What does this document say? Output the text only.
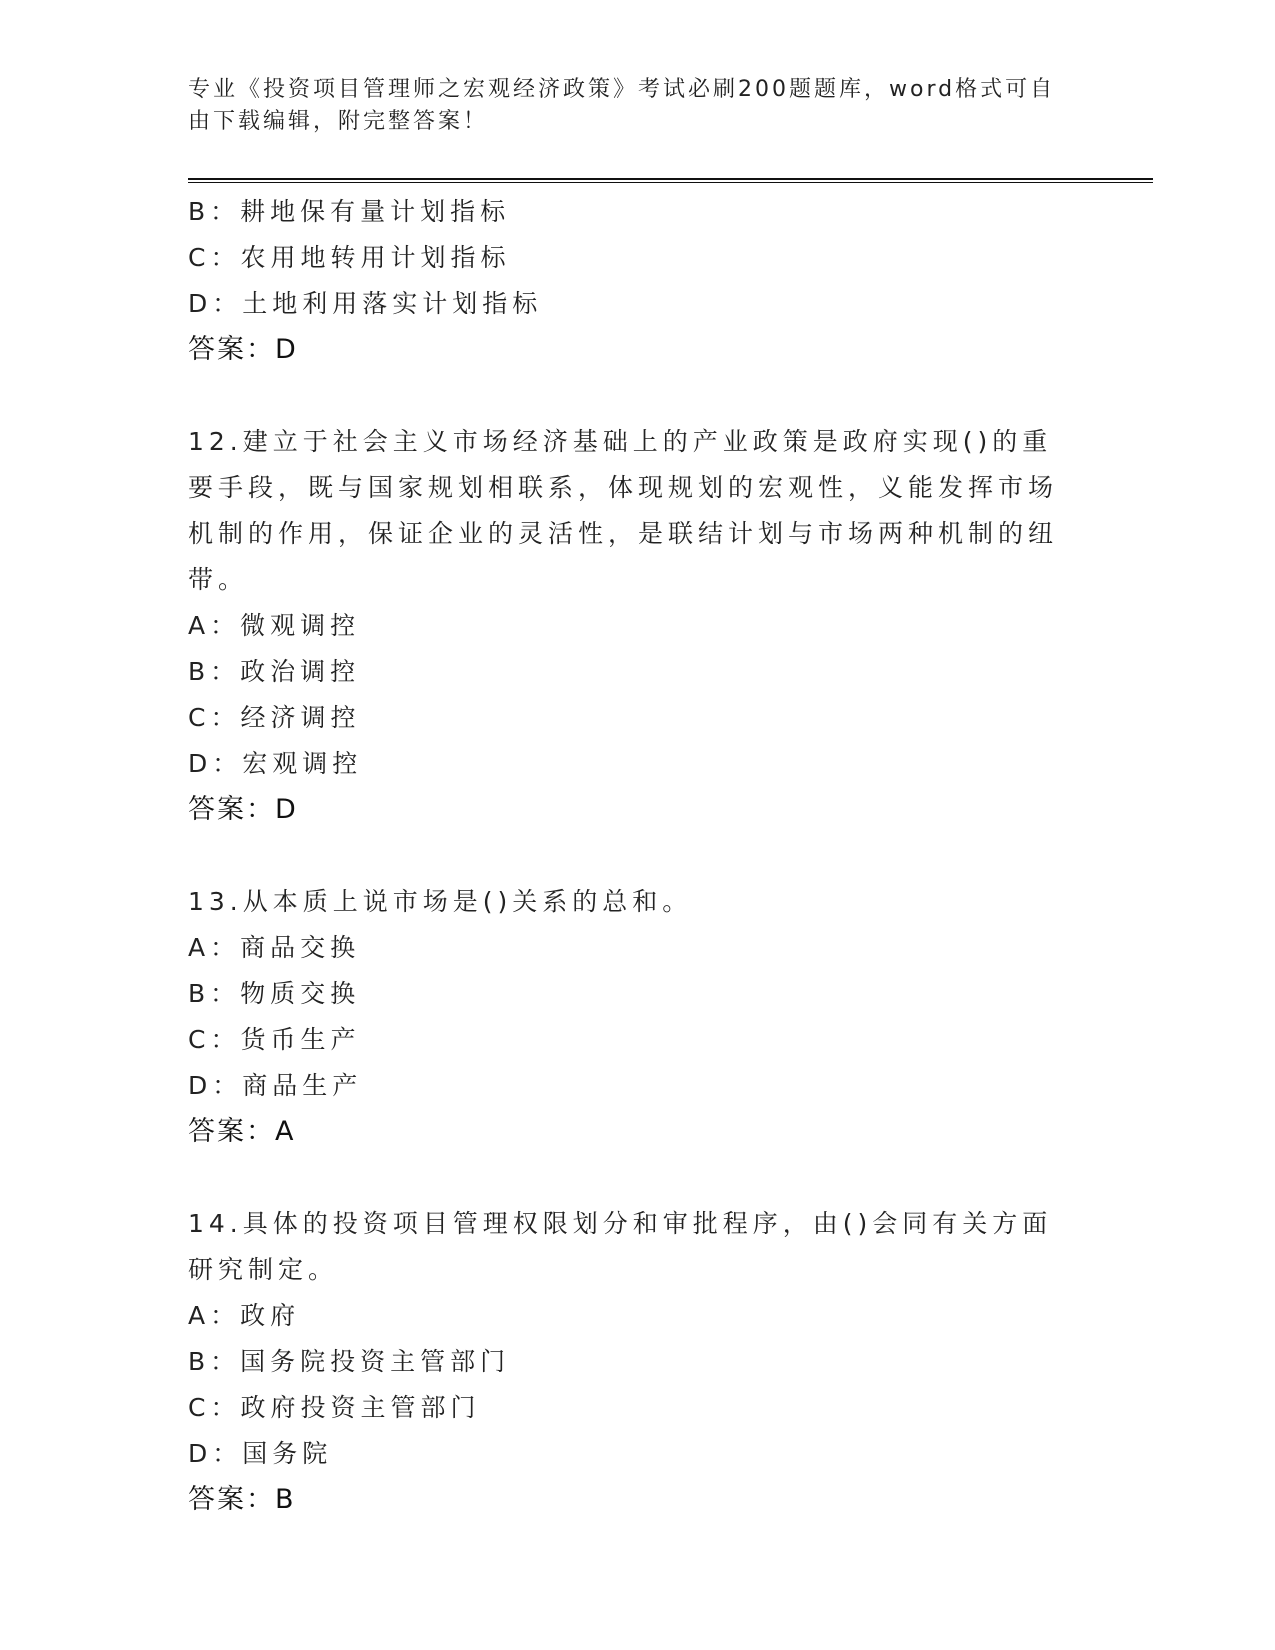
专业《投资项目管理师之宏观经济政策》考试必刷200题题库，word格式可自由下载编辑，附完整答案！
B：耕地保有量计划指标
C：农用地转用计划指标
D：土地利用落实计划指标
答案：D
12.建立于社会主义市场经济基础上的产业政策是政府实现()的重要手段，既与国家规划相联系，体现规划的宏观性，义能发挥市场机制的作用，保证企业的灵活性，是联结计划与市场两种机制的纽带。
A：微观调控
B：政治调控
C：经济调控
D：宏观调控
答案：D
13.从本质上说市场是()关系的总和。
A：商品交换
B：物质交换
C：货币生产
D：商品生产
答案：A
14.具体的投资项目管理权限划分和审批程序，由()会同有关方面研究制定。
A：政府
B：国务院投资主管部门
C：政府投资主管部门
D：国务院
答案：B
